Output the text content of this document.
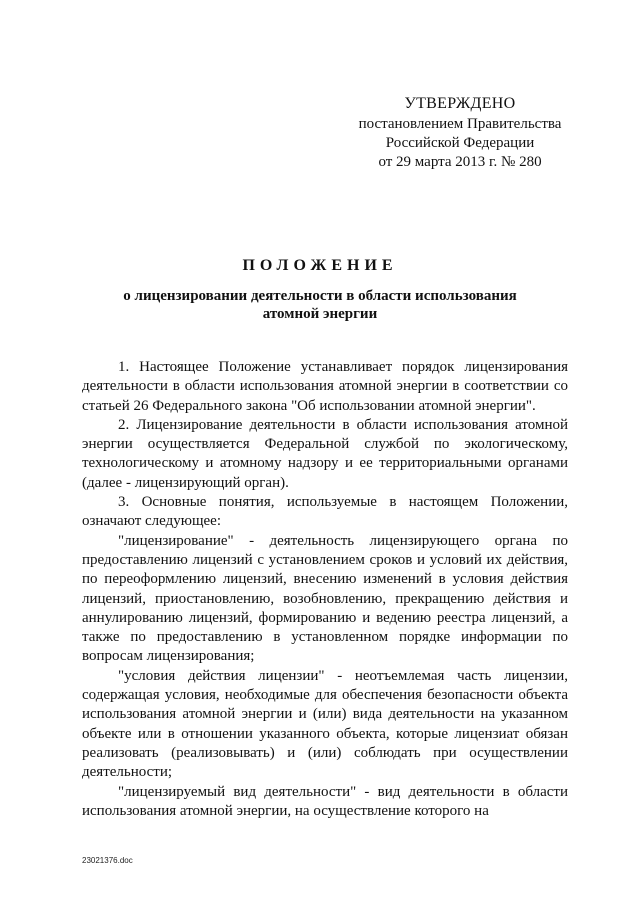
УТВЕРЖДЕНО
постановлением Правительства
Российской Федерации
от 29 марта 2013 г. № 280
ПОЛОЖЕНИЕ
о лицензировании деятельности в области использования
атомной энергии

1. Настоящее Положение устанавливает порядок лицензирования деятельности в области использования атомной энергии в соответствии со статьей 26 Федерального закона "Об использовании атомной энергии".

2. Лицензирование деятельности в области использования атомной энергии осуществляется Федеральной службой по экологическому, технологическому и атомному надзору и ее территориальными органами (далее - лицензирующий орган).

3. Основные понятия, используемые в настоящем Положении, означают следующее:

"лицензирование" - деятельность лицензирующего органа по предоставлению лицензий с установлением сроков и условий их действия, по переоформлению лицензий, внесению изменений в условия действия лицензий, приостановлению, возобновлению, прекращению действия и аннулированию лицензий, формированию и ведению реестра лицензий, а также по предоставлению в установленном порядке информации по вопросам лицензирования;

"условия действия лицензии" - неотъемлемая часть лицензии, содержащая условия, необходимые для обеспечения безопасности объекта использования атомной энергии и (или) вида деятельности на указанном объекте или в отношении указанного объекта, которые лицензиат обязан реализовать (реализовывать) и (или) соблюдать при осуществлении деятельности;

"лицензируемый вид деятельности" - вид деятельности в области использования атомной энергии, на осуществление которого на

23021376.doc
